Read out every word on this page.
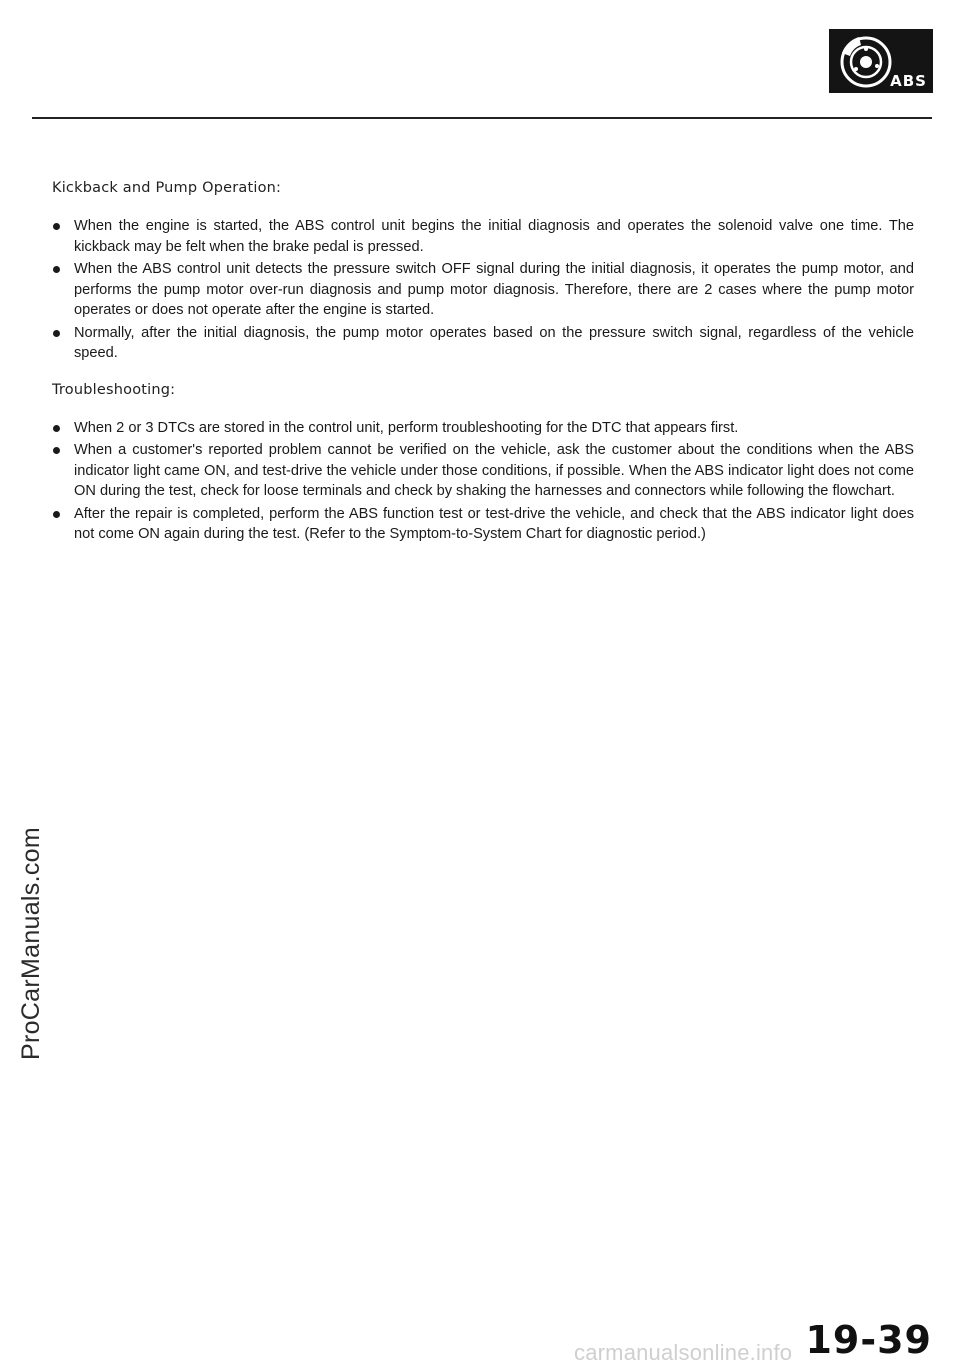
ABS
Kickback and Pump Operation:
When the engine is started, the ABS control unit begins the initial diagnosis and operates the solenoid valve one time. The kickback may be felt when the brake pedal is pressed.
When the ABS control unit detects the pressure switch OFF signal during the initial diagnosis, it operates the pump motor, and performs the pump motor over-run diagnosis and pump motor diagnosis. Therefore, there are 2 cases where the pump motor operates or does not operate after the engine is started.
Normally, after the initial diagnosis, the pump motor operates based on the pressure switch signal, regardless of the vehicle speed.
Troubleshooting:
When 2 or 3 DTCs are stored in the control unit, perform troubleshooting for the DTC that appears first.
When a customer's reported problem cannot be verified on the vehicle, ask the customer about the conditions when the ABS indicator light came ON, and test-drive the vehicle under those conditions, if possible. When the ABS indicator light does not come ON during the test, check for loose terminals and check by shaking the harnesses and connectors while following the flowchart.
After the repair is completed, perform the ABS function test or test-drive the vehicle, and check that the ABS indicator light does not come ON again during the test. (Refer to the Symptom-to-System Chart for diagnostic period.)
ProCarManuals.com
19-39
carmanualsonline.info
